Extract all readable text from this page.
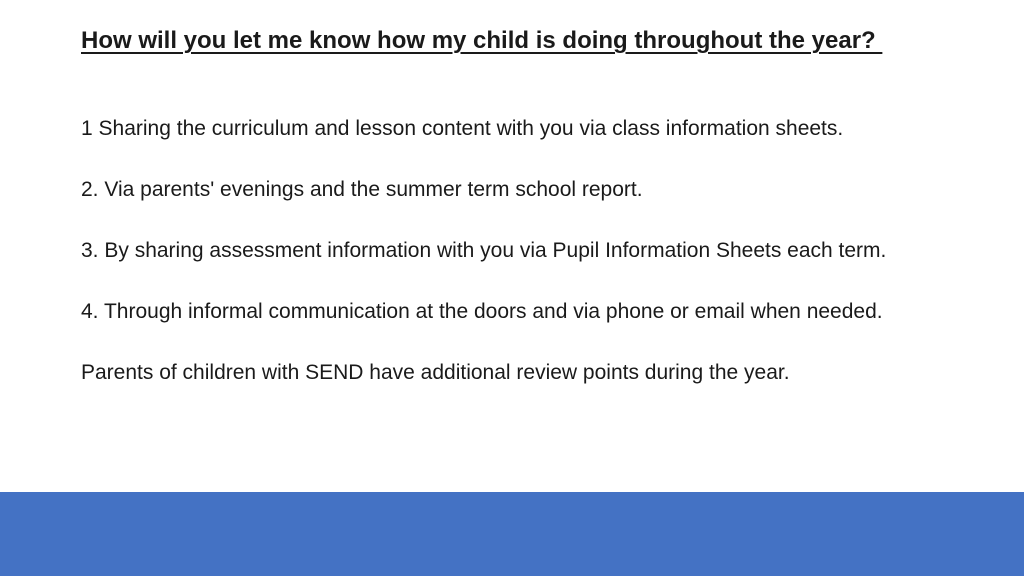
How will you let me know how my child is doing throughout the year?

1 Sharing the curriculum and lesson content with you via class information sheets.

2. Via parents' evenings and the summer term school report.

3. By sharing assessment information with you via Pupil Information Sheets each term.

4. Through informal communication at the doors and via phone or email when needed.

Parents of children with SEND have additional review points during the year.
